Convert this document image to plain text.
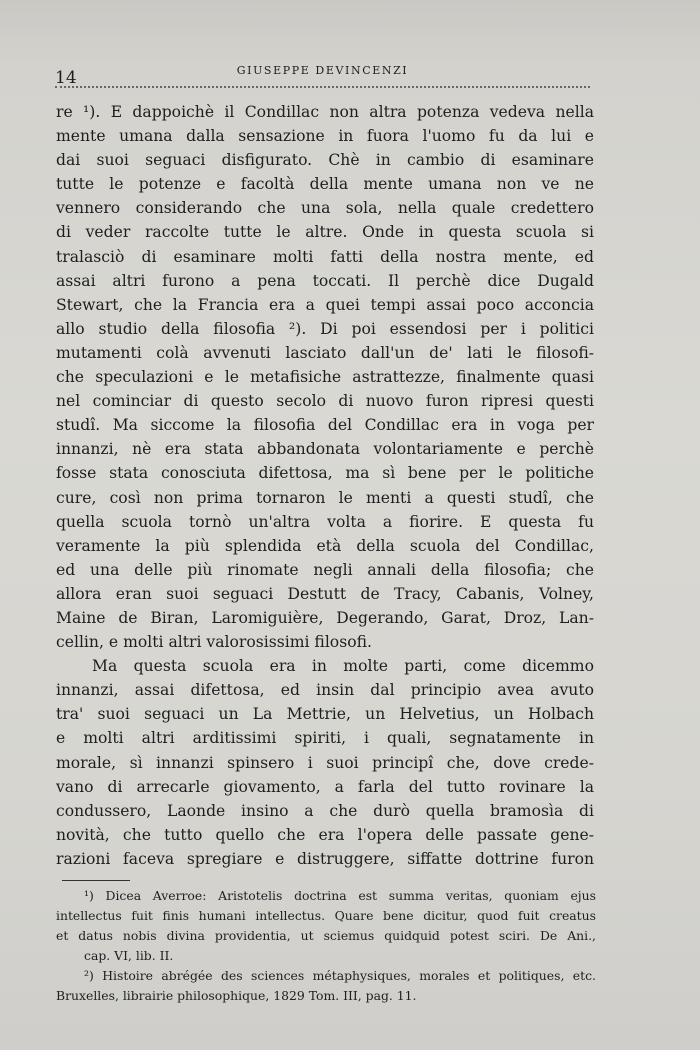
14	GIUSEPPE DEVINCENZI
re ¹). E dappoichè il Condillac non altra potenza vedeva nella
mente umana dalla sensazione in fuora l'uomo fu da lui e
dai suoi seguaci disfigurato. Chè in cambio di esaminare
tutte le potenze e facoltà della mente umana non ve ne
vennero considerando che una sola, nella quale credettero
di veder raccolte tutte le altre. Onde in questa scuola si
tralasciò di esaminare molti fatti della nostra mente, ed
assai altri furono a pena toccati. Il perchè dice Dugald
Stewart, che la Francia era a quei tempi assai poco acconcia
allo studio della filosofia ²). Di poi essendosi per i politici
mutamenti colà avvenuti lasciato dall'un de' lati le filosofi-
che speculazioni e le metafisiche astrattezze, finalmente quasi
nel cominciar di questo secolo di nuovo furon ripresi questi
studî. Ma siccome la filosofia del Condillac era in voga per
innanzi, nè era stata abbandonata volontariamente e perchè
fosse stata conosciuta difettosa, ma sì bene per le politiche
cure, così non prima tornaron le menti a questi studî, che
quella scuola tornò un'altra volta a fiorire. E questa fu
veramente la più splendida età della scuola del Condillac,
ed una delle più rinomate negli annali della filosofia; che
allora eran suoi seguaci Destutt de Tracy, Cabanis, Volney,
Maine de Biran, Laromiguière, Degerando, Garat, Droz, Lan-
cellin, e molti altri valorosissimi filosofi.
Ma questa scuola era in molte parti, come dicemmo
innanzi, assai difettosa, ed insin dal principio avea avuto
tra' suoi seguaci un La Mettrie, un Helvetius, un Holbach
e molti altri arditissimi spiriti, i quali, segnatamente in
morale, sì innanzi spinsero i suoi principî che, dove crede-
vano di arrecarle giovamento, a farla del tutto rovinare la
condussero, Laonde insino a che durò quella bramosìa di
novità, che tutto quello che era l'opera delle passate gene-
razioni faceva spregiare e distruggere, siffatte dottrine furon
¹) Dicea Averroe: Aristotelis doctrina est summa veritas, quoniam ejus
intellectus fuit finis humani intellectus. Quare bene dicitur, quod fuit creatus
et datus nobis divina providentia, ut sciemus quidquid potest sciri. De Ani.,
cap. VI, lib. II.
²) Histoire abrégée des sciences métaphysiques, morales et politiques, etc.
Bruxelles, librairie philosophique, 1829 Tom. III, pag. 11.
